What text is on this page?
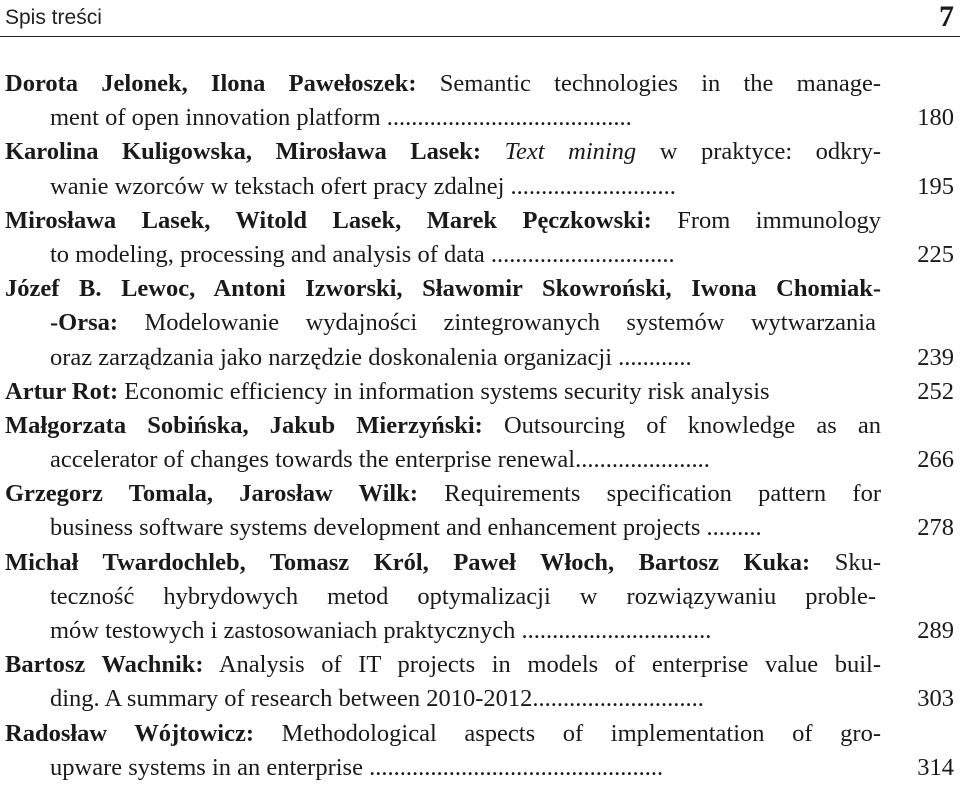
Spis treści	7
Dorota Jelonek, Ilona Pawełoszek: Semantic technologies in the manage-
ment of open innovation platform ........................................	180
Karolina Kuligowska, Mirosława Lasek: Text mining w praktyce: odkry-
wanie wzorców w tekstach ofert pracy zdalnej ...........................	195
Mirosława Lasek, Witold Lasek, Marek Pęczkowski: From immunology
to modeling, processing and analysis of data ..............................	225
Józef B. Lewoc, Antoni Izworski, Sławomir Skowroński, Iwona Chomiak-
-Orsa: Modelowanie wydajności zintegrowanych systemów wytwarzania
oraz zarządzania jako narzędzie doskonalenia organizacji ............	239
Artur Rot: Economic efficiency in information systems security risk analysis	252
Małgorzata Sobińska, Jakub Mierzyński: Outsourcing of knowledge as an
accelerator of changes towards the enterprise renewal......................	266
Grzegorz Tomala, Jarosław Wilk: Requirements specification pattern for
business software systems development and enhancement projects .........	278
Michał Twardochleb, Tomasz Król, Paweł Włoch, Bartosz Kuka: Sku-
teczność hybrydowych metod optymalizacji w rozwiązywaniu proble-
mów testowych i zastosowaniach praktycznych ...............................	289
Bartosz Wachnik: Analysis of IT projects in models of enterprise value buil-
ding. A summary of research between 2010-2012............................	303
Radosław Wójtowicz: Methodological aspects of implementation of gro-
upware systems in an enterprise ................................................	314
